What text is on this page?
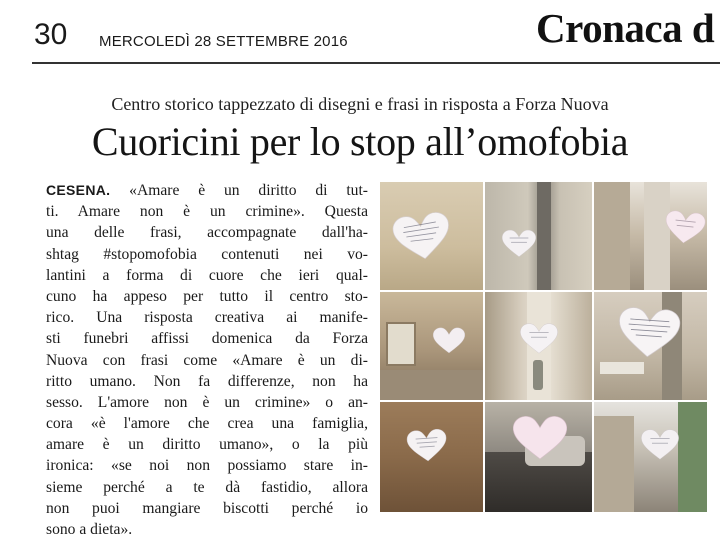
30 MERCOLEDÌ 28 SETTEMBRE 2016	Cronaca d
Centro storico tappezzato di disegni e frasi in risposta a Forza Nuova
Cuoricini per lo stop all’omofobia
CESENA. «Amare è un diritto di tut-
ti. Amare non è un crimine». Questa
una delle frasi, accompagnate dall'ha-
shtag #stopomofobia contenuti nei vo-
lantini a forma di cuore che ieri qual-
cuno ha appeso per tutto il centro sto-
rico. Una risposta creativa ai manife-
sti funebri affissi domenica da Forza
Nuova con frasi come «Amare è un di-
ritto umano. Non fa differenze, non ha
sesso. L'amore non è un crimine» o an-
cora «è l'amore che crea una famiglia,
amare è un diritto umano», o la più
ironica: «se noi non possiamo stare in-
sieme perché a te dà fastidio, allora
non puoi mangiare biscotti perché io
sono a dieta».
